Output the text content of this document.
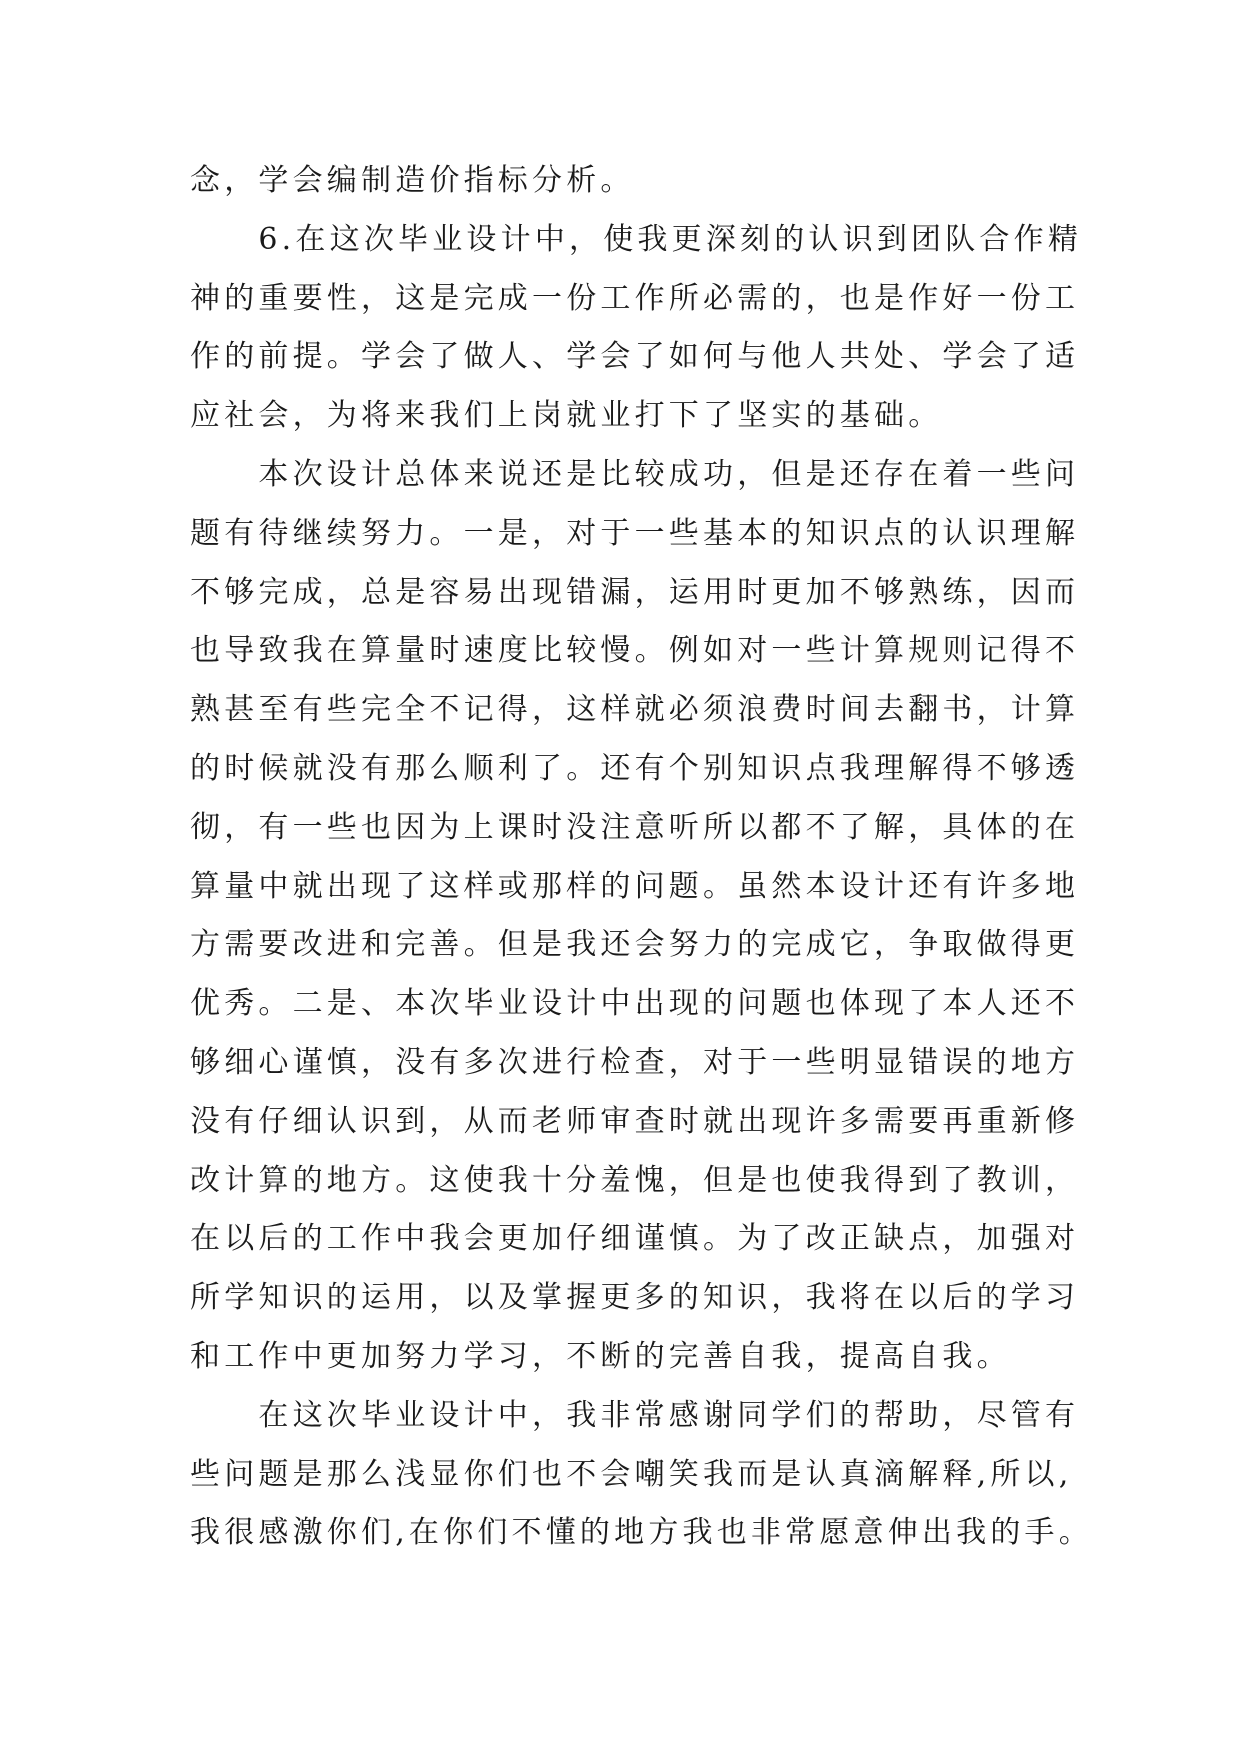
念，学会编制造价指标分析。
　　6.在这次毕业设计中，使我更深刻的认识到团队合作精
神的重要性，这是完成一份工作所必需的，也是作好一份工
作的前提。学会了做人、学会了如何与他人共处、学会了适
应社会，为将来我们上岗就业打下了坚实的基础。
　　本次设计总体来说还是比较成功，但是还存在着一些问
题有待继续努力。一是，对于一些基本的知识点的认识理解
不够完成，总是容易出现错漏，运用时更加不够熟练，因而
也导致我在算量时速度比较慢。例如对一些计算规则记得不
熟甚至有些完全不记得，这样就必须浪费时间去翻书，计算
的时候就没有那么顺利了。还有个别知识点我理解得不够透
彻，有一些也因为上课时没注意听所以都不了解，具体的在
算量中就出现了这样或那样的问题。虽然本设计还有许多地
方需要改进和完善。但是我还会努力的完成它，争取做得更
优秀。二是、本次毕业设计中出现的问题也体现了本人还不
够细心谨慎，没有多次进行检查，对于一些明显错误的地方
没有仔细认识到，从而老师审查时就出现许多需要再重新修
改计算的地方。这使我十分羞愧，但是也使我得到了教训，
在以后的工作中我会更加仔细谨慎。为了改正缺点，加强对
所学知识的运用，以及掌握更多的知识，我将在以后的学习
和工作中更加努力学习，不断的完善自我，提高自我。
　　在这次毕业设计中，我非常感谢同学们的帮助，尽管有
些问题是那么浅显你们也不会嘲笑我而是认真滴解释,所以,
我很感激你们,在你们不懂的地方我也非常愿意伸出我的手。
